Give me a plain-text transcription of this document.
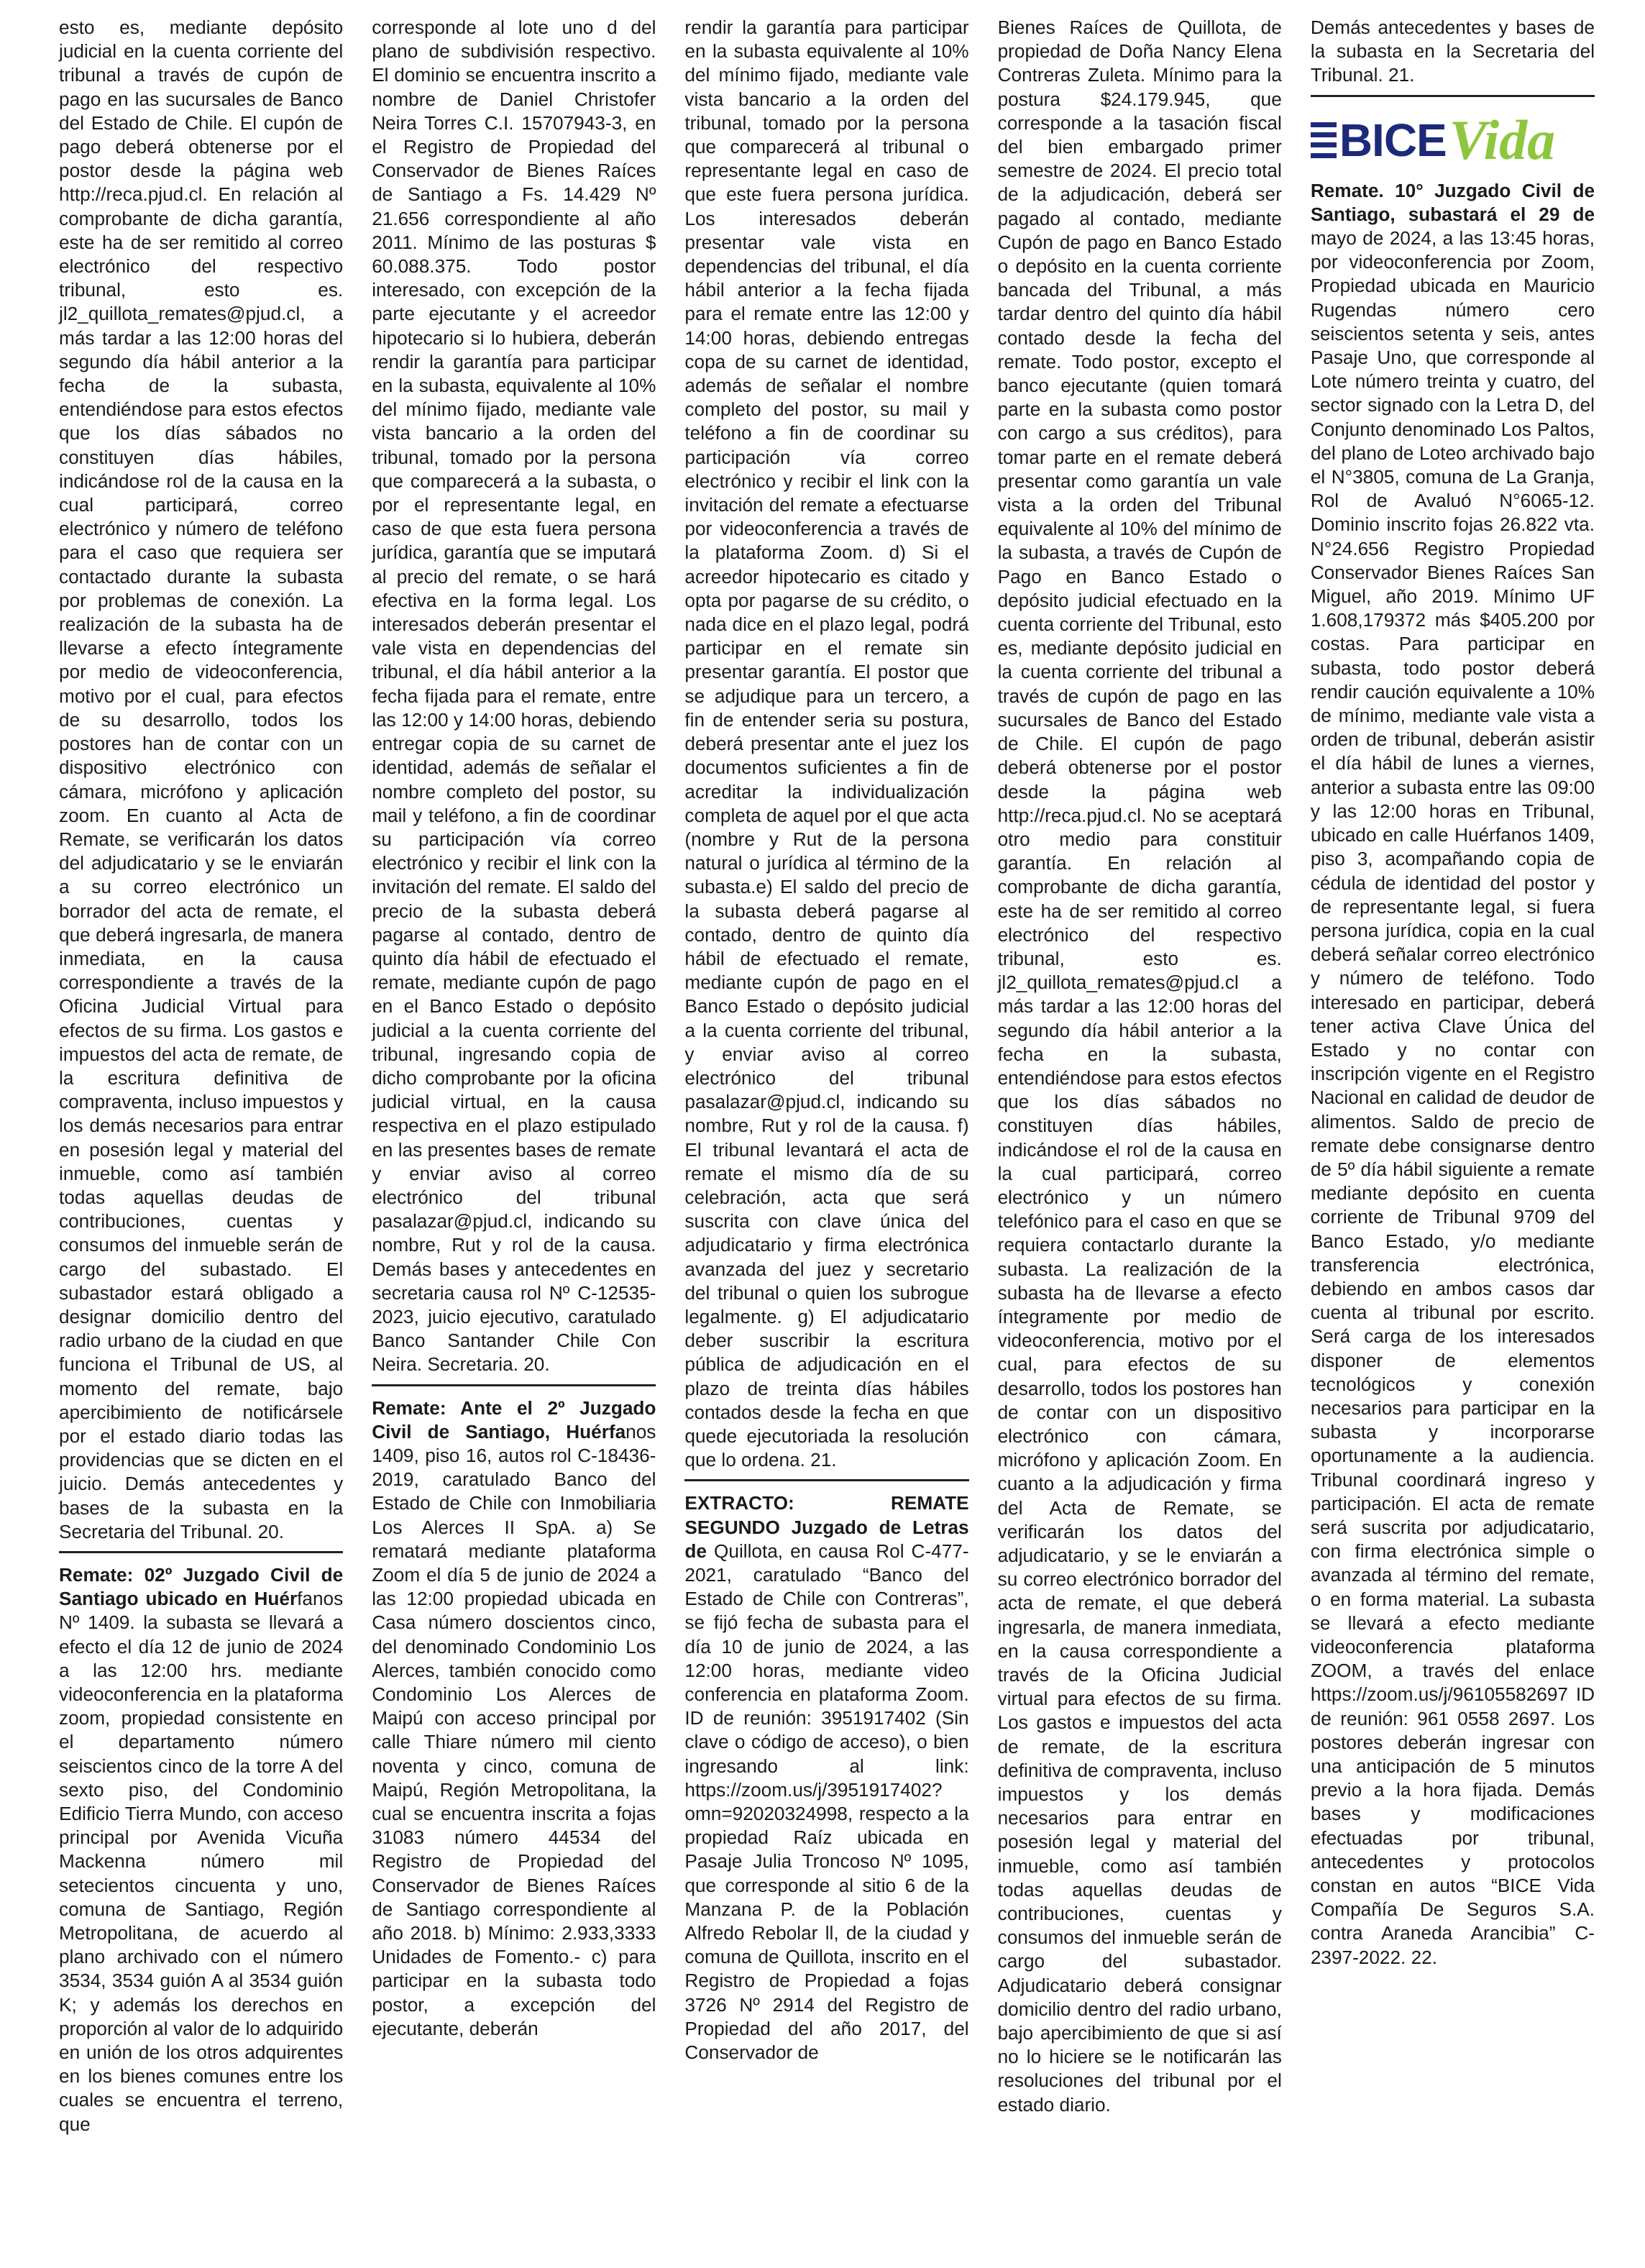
esto es, mediante depósito judicial en la cuenta corriente del tribunal a través de cupón de pago en las sucursales de Banco del Estado de Chile. El cupón de pago deberá obtenerse por el postor desde la página web http://reca.pjud.cl. En relación al comprobante de dicha garantía, este ha de ser remitido al correo electrónico del respectivo tribunal, esto es. jl2_quillota_remates@pjud.cl, a más tardar a las 12:00 horas del segundo día hábil anterior a la fecha de la subasta, entendiéndose para estos efectos que los días sábados no constituyen días hábiles, indicándose rol de la causa en la cual participará, correo electrónico y número de teléfono para el caso que requiera ser contactado durante la subasta por problemas de conexión. La realización de la subasta ha de llevarse a efecto íntegramente por medio de videoconferencia, motivo por el cual, para efectos de su desarrollo, todos los postores han de contar con un dispositivo electrónico con cámara, micrófono y aplicación zoom. En cuanto al Acta de Remate, se verificarán los datos del adjudicatario y se le enviarán a su correo electrónico un borrador del acta de remate, el que deberá ingresarla, de manera inmediata, en la causa correspondiente a través de la Oficina Judicial Virtual para efectos de su firma. Los gastos e impuestos del acta de remate, de la escritura definitiva de compraventa, incluso impuestos y los demás necesarios para entrar en posesión legal y material del inmueble, como así también todas aquellas deudas de contribuciones, cuentas y consumos del inmueble serán de cargo del subastado. El subastador estará obligado a designar domicilio dentro del radio urbano de la ciudad en que funciona el Tribunal de US, al momento del remate, bajo apercibimiento de notificársele por el estado diario todas las providencias que se dicten en el juicio. Demás antecedentes y bases de la subasta en la Secretaria del Tribunal. 20.

Remate: 02º Juzgado Civil de Santiago ubicado en Huérfanos Nº 1409. la subasta se llevará a efecto el día 12 de junio de 2024 a las 12:00 hrs. mediante videoconferencia en la plataforma zoom, propiedad consistente en el departamento número seiscientos cinco de la torre A del sexto piso, del Condominio Edificio Tierra Mundo, con acceso principal por Avenida Vicuña Mackenna número mil setecientos cincuenta y uno, comuna de Santiago, Región Metropolitana, de acuerdo al plano archivado con el número 3534, 3534 guión A al 3534 guión K; y además los derechos en proporción al valor de lo adquirido en unión de los otros adquirentes en los bienes comunes entre los cuales se encuentra el terreno, que

corresponde al lote uno d del plano de subdivisión respectivo. El dominio se encuentra inscrito a nombre de Daniel Christofer Neira Torres C.I. 15707943-3, en el Registro de Propiedad del Conservador de Bienes Raíces de Santiago a Fs. 14.429 Nº 21.656 correspondiente al año 2011. Mínimo de las posturas $ 60.088.375. Todo postor interesado, con excepción de la parte ejecutante y el acreedor hipotecario si lo hubiera, deberán rendir la garantía para participar en la subasta, equivalente al 10% del mínimo fijado, mediante vale vista bancario a la orden del tribunal, tomado por la persona que comparecerá a la subasta, o por el representante legal, en caso de que esta fuera persona jurídica, garantía que se imputará al precio del remate, o se hará efectiva en la forma legal. Los interesados deberán presentar el vale vista en dependencias del tribunal, el día hábil anterior a la fecha fijada para el remate, entre las 12:00 y 14:00 horas, debiendo entregar copia de su carnet de identidad, además de señalar el nombre completo del postor, su mail y teléfono, a fin de coordinar su participación vía correo electrónico y recibir el link con la invitación del remate. El saldo del precio de la subasta deberá pagarse al contado, dentro de quinto día hábil de efectuado el remate, mediante cupón de pago en el Banco Estado o depósito judicial a la cuenta corriente del tribunal, ingresando copia de dicho comprobante por la oficina judicial virtual, en la causa respectiva en el plazo estipulado en las presentes bases de remate y enviar aviso al correo electrónico del tribunal pasalazar@pjud.cl, indicando su nombre, Rut y rol de la causa. Demás bases y antecedentes en secretaria causa rol Nº C-12535-2023, juicio ejecutivo, caratulado Banco Santander Chile Con Neira. Secretaria. 20.

Remate: Ante el 2º Juzgado Civil de Santiago, Huérfanos 1409, piso 16, autos rol C-18436-2019, caratulado Banco del Estado de Chile con Inmobiliaria Los Alerces II SpA. a) Se rematará mediante plataforma Zoom el día 5 de junio de 2024 a las 12:00 propiedad ubicada en Casa número doscientos cinco, del denominado Condominio Los Alerces, también conocido como Condominio Los Alerces de Maipú con acceso principal por calle Thiare número mil ciento noventa y cinco, comuna de Maipú, Región Metropolitana, la cual se encuentra inscrita a fojas 31083 número 44534 del Registro de Propiedad del Conservador de Bienes Raíces de Santiago correspondiente al año 2018. b) Mínimo: 2.933,3333 Unidades de Fomento.- c) para participar en la subasta todo postor, a excepción del ejecutante, deberán

rendir la garantía para participar en la subasta equivalente al 10% del mínimo fijado, mediante vale vista bancario a la orden del tribunal, tomado por la persona que comparecerá al tribunal o representante legal en caso de que este fuera persona jurídica. Los interesados deberán presentar vale vista en dependencias del tribunal, el día hábil anterior a la fecha fijada para el remate entre las 12:00 y 14:00 horas, debiendo entregas copa de su carnet de identidad, además de señalar el nombre completo del postor, su mail y teléfono a fin de coordinar su participación vía correo electrónico y recibir el link con la invitación del remate a efectuarse por videoconferencia a través de la plataforma Zoom. d) Si el acreedor hipotecario es citado y opta por pagarse de su crédito, o nada dice en el plazo legal, podrá participar en el remate sin presentar garantía. El postor que se adjudique para un tercero, a fin de entender seria su postura, deberá presentar ante el juez los documentos suficientes a fin de acreditar la individualización completa de aquel por el que acta (nombre y Rut de la persona natural o jurídica al término de la subasta.e) El saldo del precio de la subasta deberá pagarse al contado, dentro de quinto día hábil de efectuado el remate, mediante cupón de pago en el Banco Estado o depósito judicial a la cuenta corriente del tribunal, y enviar aviso al correo electrónico del tribunal pasalazar@pjud.cl, indicando su nombre, Rut y rol de la causa. f) El tribunal levantará el acta de remate el mismo día de su celebración, acta que será suscrita con clave única del adjudicatario y firma electrónica avanzada del juez y secretario del tribunal o quien los subrogue legalmente. g) El adjudicatario deber suscribir la escritura pública de adjudicación en el plazo de treinta días hábiles contados desde la fecha en que quede ejecutoriada la resolución que lo ordena. 21.

EXTRACTO: REMATE SEGUNDO Juzgado de Letras de Quillota, en causa Rol C-477-2021, caratulado “Banco del Estado de Chile con Contreras”, se fijó fecha de subasta para el día 10 de junio de 2024, a las 12:00 horas, mediante video conferencia en plataforma Zoom. ID de reunión: 3951917402 (Sin clave o código de acceso), o bien ingresando al link: https://zoom.us/j/3951917402?omn=92020324998, respecto a la propiedad Raíz ubicada en Pasaje Julia Troncoso Nº 1095, que corresponde al sitio 6 de la Manzana P. de la Población Alfredo Rebolar ll, de la ciudad y comuna de Quillota, inscrito en el Registro de Propiedad a fojas 3726 Nº 2914 del Registro de Propiedad del año 2017, del Conservador de

Bienes Raíces de Quillota, de propiedad de Doña Nancy Elena Contreras Zuleta. Mínimo para la postura $24.179.945, que corresponde a la tasación fiscal del bien embargado primer semestre de 2024. El precio total de la adjudicación, deberá ser pagado al contado, mediante Cupón de pago en Banco Estado o depósito en la cuenta corriente bancada del Tribunal, a más tardar dentro del quinto día hábil contado desde la fecha del remate. Todo postor, excepto el banco ejecutante (quien tomará parte en la subasta como postor con cargo a sus créditos), para tomar parte en el remate deberá presentar como garantía un vale vista a la orden del Tribunal equivalente al 10% del mínimo de la subasta, a través de Cupón de Pago en Banco Estado o depósito judicial efectuado en la cuenta corriente del Tribunal, esto es, mediante depósito judicial en la cuenta corriente del tribunal a través de cupón de pago en las sucursales de Banco del Estado de Chile. El cupón de pago deberá obtenerse por el postor desde la página web http://reca.pjud.cl. No se aceptará otro medio para constituir garantía. En relación al comprobante de dicha garantía, este ha de ser remitido al correo electrónico del respectivo tribunal, esto es. jl2_quillota_remates@pjud.cl a más tardar a las 12:00 horas del segundo día hábil anterior a la fecha en la subasta, entendiéndose para estos efectos que los días sábados no constituyen días hábiles, indicándose el rol de la causa en la cual participará, correo electrónico y un número telefónico para el caso en que se requiera contactarlo durante la subasta. La realización de la subasta ha de llevarse a efecto íntegramente por medio de videoconferencia, motivo por el cual, para efectos de su desarrollo, todos los postores han de contar con un dispositivo electrónico con cámara, micrófono y aplicación Zoom. En cuanto a la adjudicación y firma del Acta de Remate, se verificarán los datos del adjudicatario, y se le enviarán a su correo electrónico borrador del acta de remate, el que deberá ingresarla, de manera inmediata, en la causa correspondiente a través de la Oficina Judicial virtual para efectos de su firma. Los gastos e impuestos del acta de remate, de la escritura definitiva de compraventa, incluso impuestos y los demás necesarios para entrar en posesión legal y material del inmueble, como así también todas aquellas deudas de contribuciones, cuentas y consumos del inmueble serán de cargo del subastador. Adjudicatario deberá consignar domicilio dentro del radio urbano, bajo apercibimiento de que si así no lo hiciere se le notificarán las resoluciones del tribunal por el estado diario.

Demás antecedentes y bases de la subasta en la Secretaria del Tribunal. 21.

BICE Vida

Remate. 10° Juzgado Civil de Santiago, subastará el 29 de mayo de 2024, a las 13:45 horas, por videoconferencia por Zoom, Propiedad ubicada en Mauricio Rugendas número cero seiscientos setenta y seis, antes Pasaje Uno, que corresponde al Lote número treinta y cuatro, del sector signado con la Letra D, del Conjunto denominado Los Paltos, del plano de Loteo archivado bajo el N°3805, comuna de La Granja, Rol de Avaluó N°6065-12. Dominio inscrito fojas 26.822 vta. N°24.656 Registro Propiedad Conservador Bienes Raíces San Miguel, año 2019. Mínimo UF 1.608,179372 más $405.200 por costas. Para participar en subasta, todo postor deberá rendir caución equivalente a 10% de mínimo, mediante vale vista a orden de tribunal, deberán asistir el día hábil de lunes a viernes, anterior a subasta entre las 09:00 y las 12:00 horas en Tribunal, ubicado en calle Huérfanos 1409, piso 3, acompañando copia de cédula de identidad del postor y de representante legal, si fuera persona jurídica, copia en la cual deberá señalar correo electrónico y número de teléfono. Todo interesado en participar, deberá tener activa Clave Única del Estado y no contar con inscripción vigente en el Registro Nacional en calidad de deudor de alimentos. Saldo de precio de remate debe consignarse dentro de 5º día hábil siguiente a remate mediante depósito en cuenta corriente de Tribunal 9709 del Banco Estado, y/o mediante transferencia electrónica, debiendo en ambos casos dar cuenta al tribunal por escrito. Será carga de los interesados disponer de elementos tecnológicos y conexión necesarios para participar en la subasta y incorporarse oportunamente a la audiencia. Tribunal coordinará ingreso y participación. El acta de remate será suscrita por adjudicatario, con firma electrónica simple o avanzada al término del remate, o en forma material. La subasta se llevará a efecto mediante videoconferencia plataforma ZOOM, a través del enlace https://zoom.us/j/96105582697 ID de reunión: 961 0558 2697. Los postores deberán ingresar con una anticipación de 5 minutos previo a la hora fijada. Demás bases y modificaciones efectuadas por tribunal, antecedentes y protocolos constan en autos “BICE Vida Compañía De Seguros S.A. contra Araneda Arancibia” C-2397-2022. 22.
